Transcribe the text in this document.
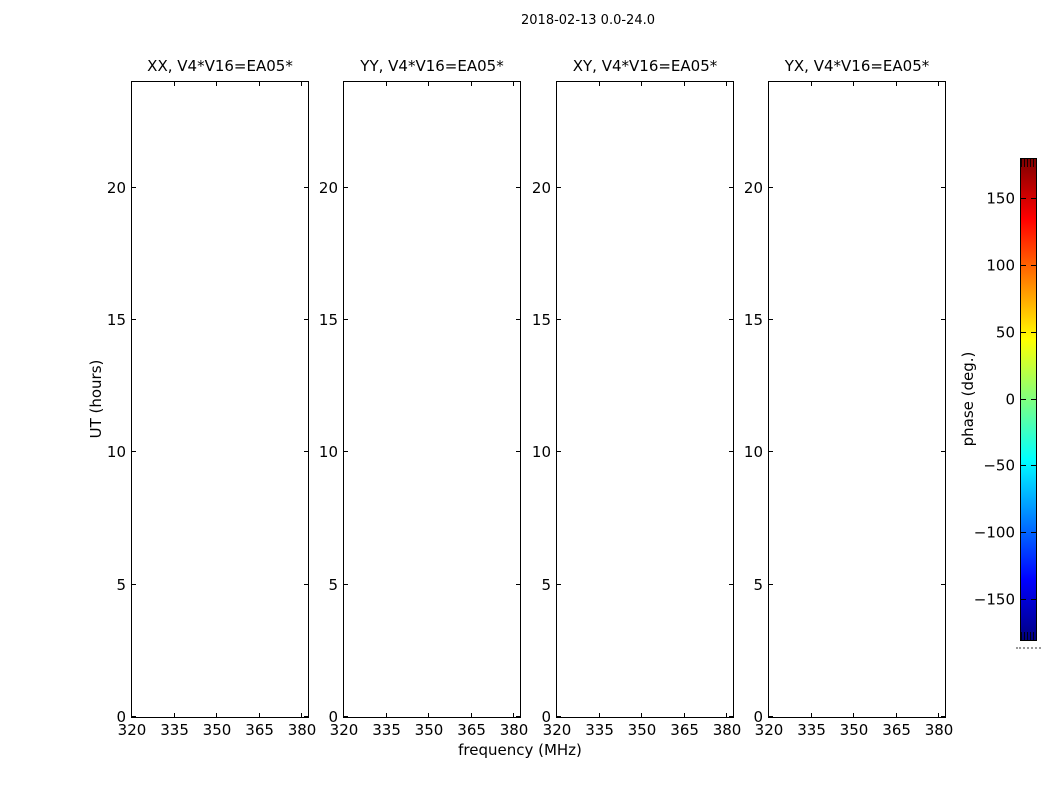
2018-02-13 0.0-24.0
XX, V4*V16=EA05*
320 335 350 365 380
0
5
10
15
20
YY, V4*V16=EA05*
320 335 350 365 380
0
5
10
15
20
XY, V4*V16=EA05*
320 335 350 365 380
0
5
10
15
20
YX, V4*V16=EA05*
320 335 350 365 380
0
5
10
15
20
UT (hours)
frequency (MHz)
150
100
50
0
−50
−100
−150
phase (deg.)
